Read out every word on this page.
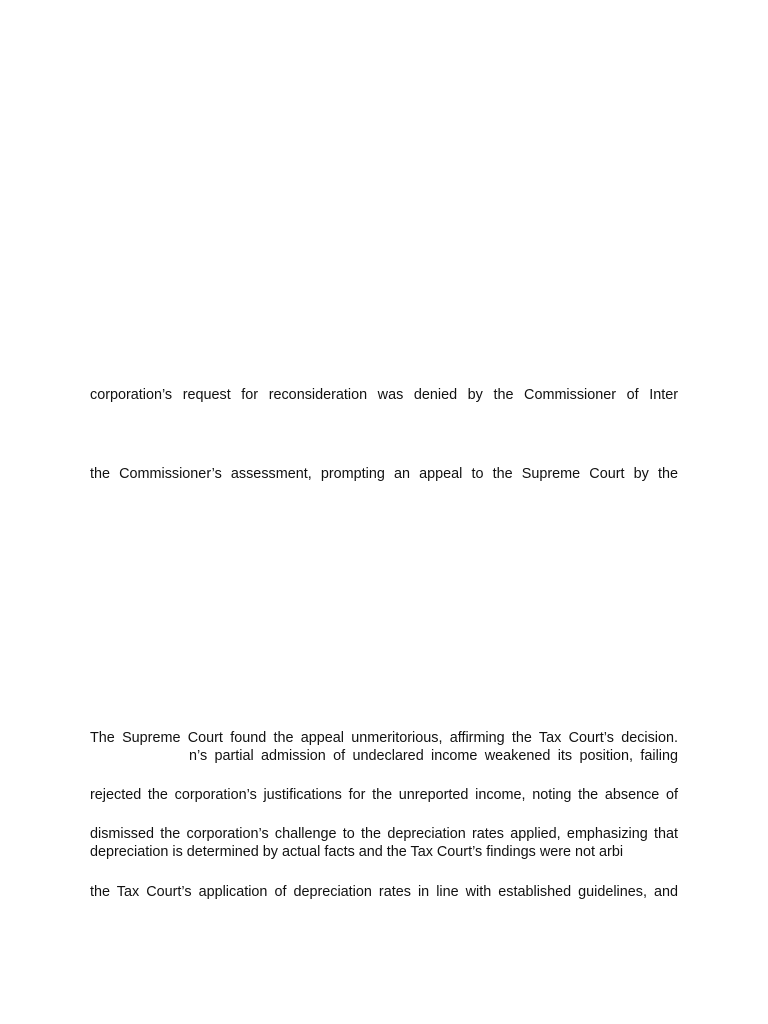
corporation’s request for reconsideration was denied by the Commissioner of Inter
the Commissioner’s assessment, prompting an appeal to the Supreme Court by the
The Supreme Court found the appeal unmeritorious, affirming the Tax Court’s decision.
n’s partial admission of undeclared income weakened its position, failing
rejected the corporation’s justifications for the unreported income, noting the absence of
dismissed the corporation’s challenge to the depreciation rates applied, emphasizing that
depreciation is determined by actual facts and the Tax Court’s findings were not arbi
the Tax Court’s application of depreciation rates in line with established guidelines, and
